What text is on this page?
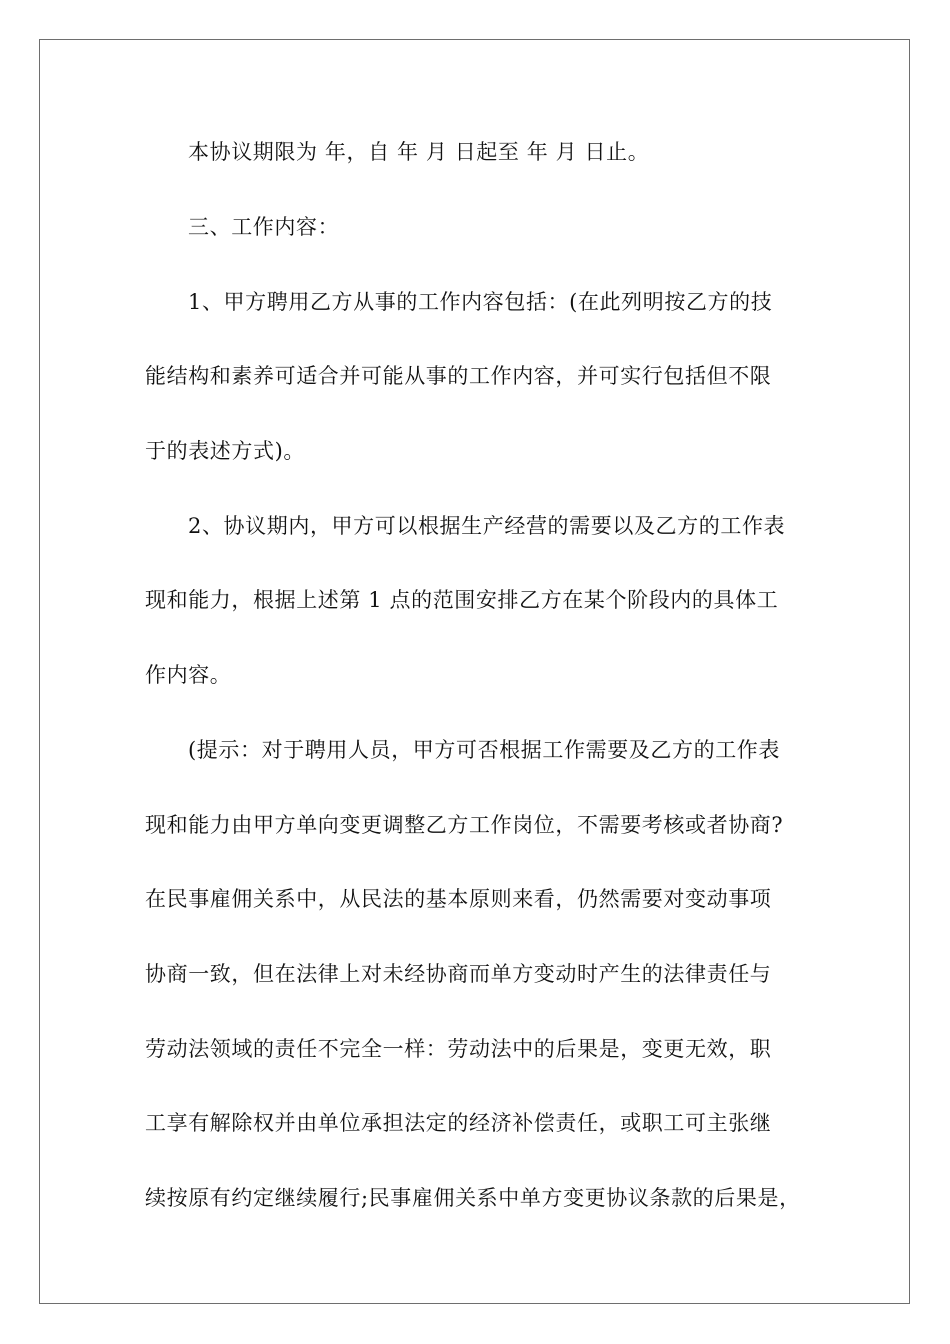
本协议期限为 年，自 年 月 日起至 年 月 日止。
三、工作内容：
1、甲方聘用乙方从事的工作内容包括：(在此列明按乙方的技
能结构和素养可适合并可能从事的工作内容，并可实行包括但不限
于的表述方式)。
2、协议期内，甲方可以根据生产经营的需要以及乙方的工作表
现和能力，根据上述第 1 点的范围安排乙方在某个阶段内的具体工
作内容。
(提示：对于聘用人员，甲方可否根据工作需要及乙方的工作表
现和能力由甲方单向变更调整乙方工作岗位，不需要考核或者协商?
在民事雇佣关系中，从民法的基本原则来看，仍然需要对变动事项
协商一致，但在法律上对未经协商而单方变动时产生的法律责任与
劳动法领域的责任不完全一样：劳动法中的后果是，变更无效，职
工享有解除权并由单位承担法定的经济补偿责任，或职工可主张继
续按原有约定继续履行;民事雇佣关系中单方变更协议条款的后果是，
